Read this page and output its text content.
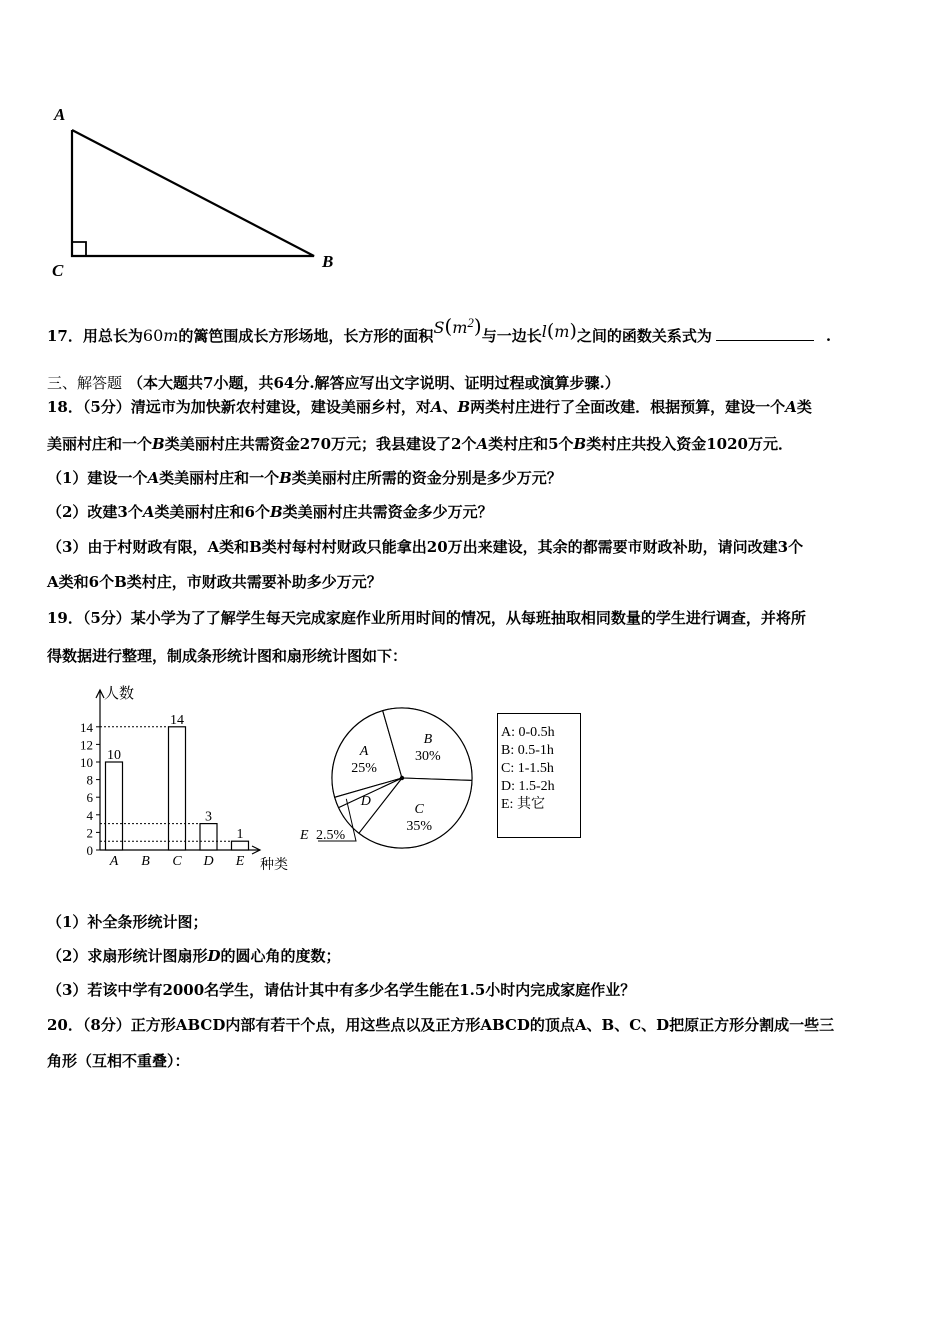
A
C	B
17．用总长为60m的篱笆围成长方形场地，长方形的面积$S(m^2)$与一边长l(m)之间的函数关系式为	.
三、解答题 （本大题共7小题，共64分.解答应写出文字说明、证明过程或演算步骤.）
18．（5分）清远市为加快新农村建设，建设美丽乡村，对A、B两类村庄进行了全面改建．根据预算，建设一个A类
美丽村庄和一个B类美丽村庄共需资金270万元；我县建设了2个A类村庄和5个B类村庄共投入资金1020万元．
（1）建设一个A类美丽村庄和一个B类美丽村庄所需的资金分别是多少万元？
（2）改建3个A类美丽村庄和6个B类美丽村庄共需资金多少万元？
（3）由于村财政有限，A类和B类村每村村财政只能拿出20万出来建设，其余的都需要市财政补助，请问改建3个
A类和6个B类村庄，市财政共需要补助多少万元？
19．（5分）某小学为了了解学生每天完成家庭作业所用时间的情况，从每班抽取相同数量的学生进行调查，并将所
得数据进行整理，制成条形统计图和扇形统计图如下：
人数
种类
0
2
4
6
8
10
12
14
A
10
B C
14
D
3
E
1
A
25%
B
30%
C
35%
D
E 2.5%
A: 0-0.5h
B: 0.5-1h
C: 1-1.5h
D: 1.5-2h
E: 其它
（1）补全条形统计图；
（2）求扇形统计图扇形D的圆心角的度数；
（3）若该中学有2000名学生，请估计其中有多少名学生能在1.5小时内完成家庭作业？
20．（8分）正方形ABCD内部有若干个点，用这些点以及正方形ABCD的顶点A、B、C、D把原正方形分割成一些三
角形（互相不重叠）：
